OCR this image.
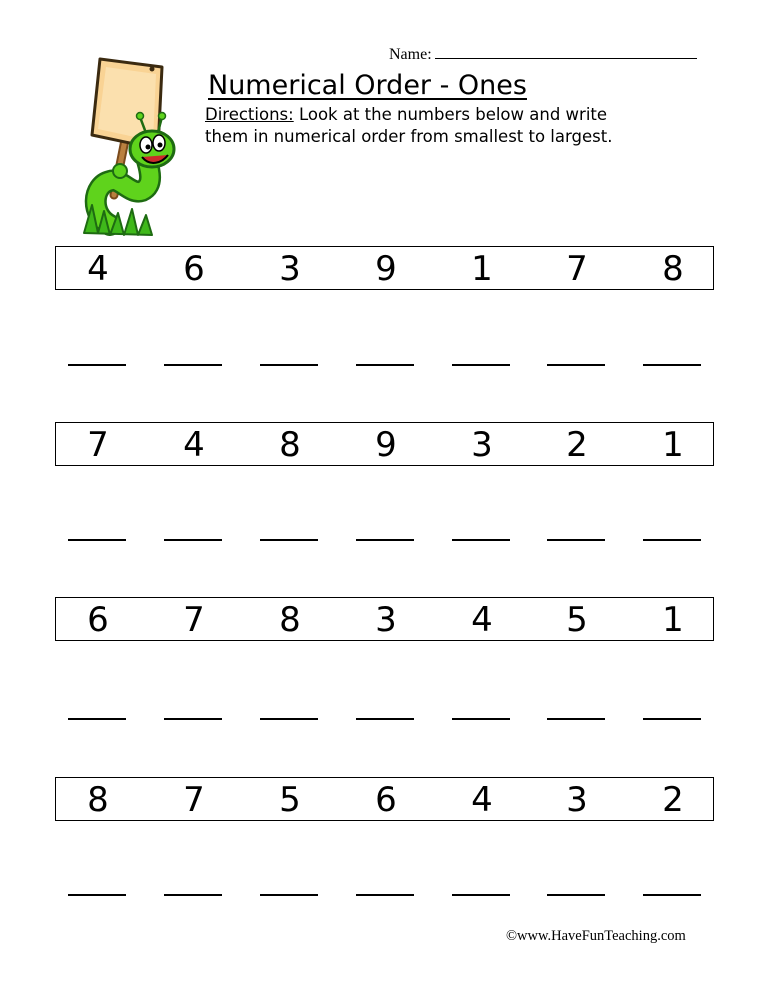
Name:
Numerical Order - Ones

Directions: Look at the numbers below and write them in numerical order from smallest to largest.

4 6 3 9 1 7 8
7 4 8 9 3 2 1
6 7 8 3 4 5 1
8 7 5 6 4 3 2
©www.HaveFunTeaching.com
